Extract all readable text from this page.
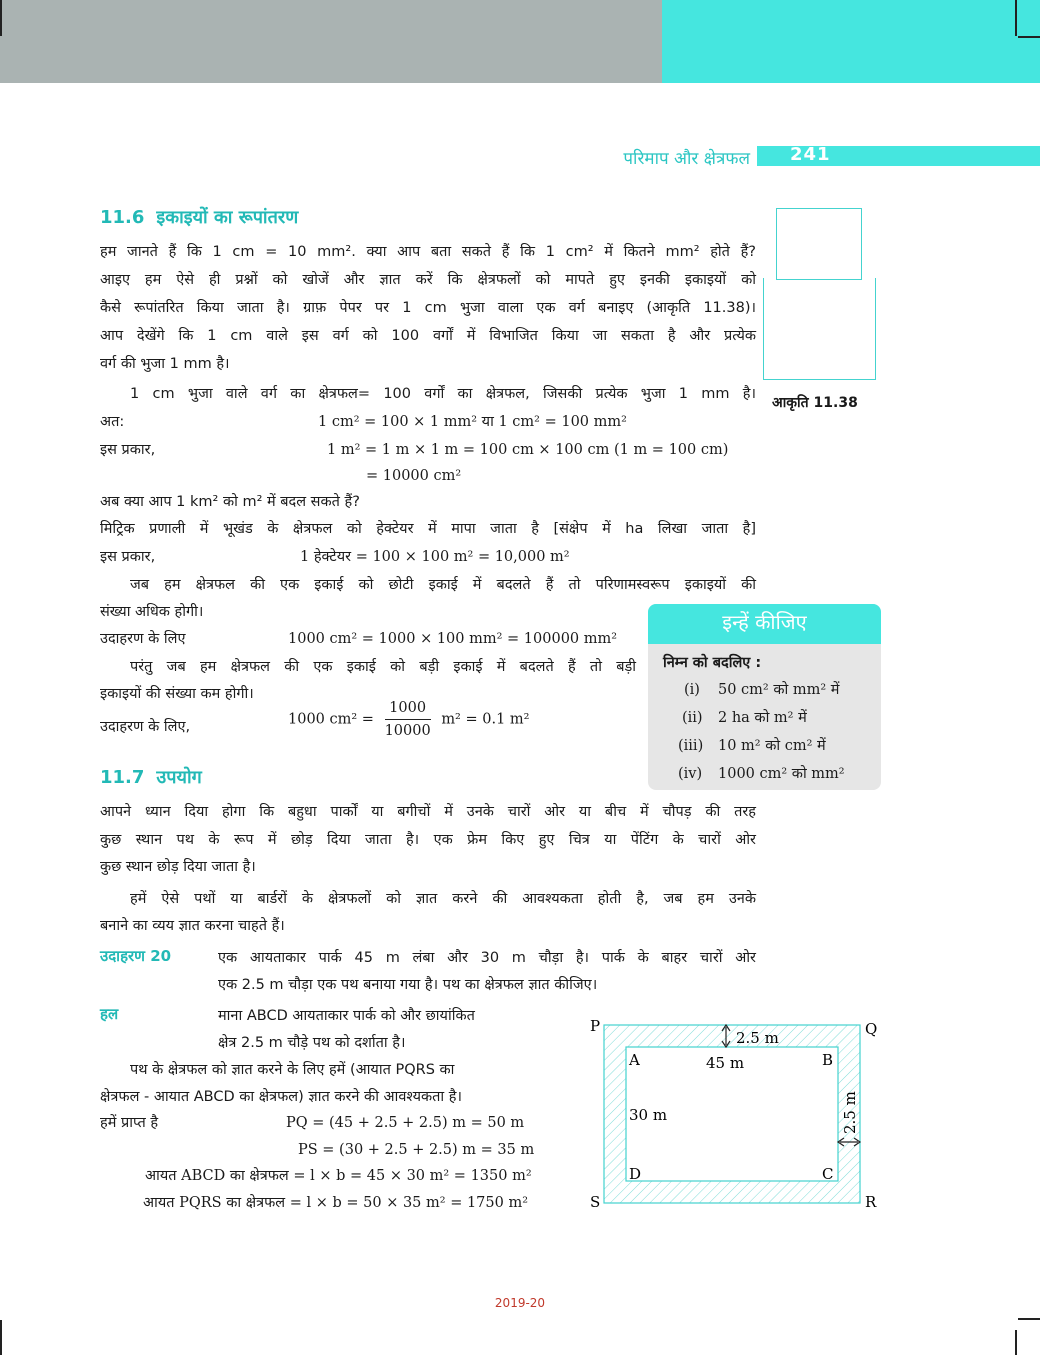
परिमाप और क्षेत्रफल 241
11.6 इकाइयों का रूपांतरण
हम जानते हैं कि 1 cm = 10 mm². क्या आप बता सकते हैं कि 1 cm² में कितने mm² होते हैं?
आइए हम ऐसे ही प्रश्नों को खोजें और ज्ञात करें कि क्षेत्रफलों को मापते हुए इनकी इकाइयों को
कैसे रूपांतरित किया जाता है। ग्राफ़ पेपर पर 1 cm भुजा वाला एक वर्ग बनाइए (आकृति 11.38)।
आप देखेंगे कि 1 cm वाले इस वर्ग को 100 वर्गों में विभाजित किया जा सकता है और प्रत्येक
वर्ग की भुजा 1 mm है।
1 cm भुजा वाले वर्ग का क्षेत्रफल= 100 वर्गों का क्षेत्रफल, जिसकी प्रत्येक भुजा 1 mm है।
अत:	1 cm² = 100 × 1 mm² या 1 cm² = 100 mm²
इस प्रकार,	1 m² = 1 m × 1 m = 100 cm × 100 cm (1 m = 100 cm)
= 10000 cm²
अब क्या आप 1 km² को m² में बदल सकते हैं?
मिट्रिक प्रणाली में भूखंड के क्षेत्रफल को हेक्टेयर में मापा जाता है [संक्षेप में ha लिखा जाता है]
इस प्रकार,	1 हेक्टेयर = 100 × 100 m² = 10,000 m²
जब हम क्षेत्रफल की एक इकाई को छोटी इकाई में बदलते हैं तो परिणामस्वरूप इकाइयों की
संख्या अधिक होगी।
उदाहरण के लिए	1000 cm² = 1000 × 100 mm² = 100000 mm²
परंतु जब हम क्षेत्रफल की एक इकाई को बड़ी इकाई में बदलते हैं तो बड़ी
इकाइयों की संख्या कम होगी।
उदाहरण के लिए,	1000 $cm^2 = \frac{1000}{10000} m^2 = 0.1$ m²
आकृति 11.38
इन्हें कीजिए
निम्न को बदलिए :
(i) 50 cm² को mm² में
(ii) 2 ha को m² में
(iii) 10 m² को cm² में
(iv) 1000 cm² को mm²
11.7 उपयोग
आपने ध्यान दिया होगा कि बहुधा पार्कों या बगीचों में उनके चारों ओर या बीच में चौपड़ की तरह
कुछ स्थान पथ के रूप में छोड़ दिया जाता है। एक फ्रेम किए हुए चित्र या पेंटिंग के चारों ओर
कुछ स्थान छोड़ दिया जाता है।
हमें ऐसे पथों या बार्डरों के क्षेत्रफलों को ज्ञात करने की आवश्यकता होती है, जब हम उनके
बनाने का व्यय ज्ञात करना चाहते हैं।
उदाहरण 20	एक आयताकार पार्क 45 m लंबा और 30 m चौड़ा है। पार्क के बाहर चारों ओर
एक 2.5 m चौड़ा एक पथ बनाया गया है। पथ का क्षेत्रफल ज्ञात कीजिए।
हल	माना ABCD आयताकार पार्क को और छायांकित
क्षेत्र 2.5 m चौड़े पथ को दर्शाता है।
पथ के क्षेत्रफल को ज्ञात करने के लिए हमें (आयात PQRS का
क्षेत्रफल - आयात ABCD का क्षेत्रफल) ज्ञात करने की आवश्यकता है।
हमें प्राप्त है	PQ = (45 + 2.5 + 2.5) m = 50 m
PS = (30 + 2.5 + 2.5) m = 35 m
आयत ABCD का क्षेत्रफल = l × b = 45 × 30 m² = 1350 m²
आयत PQRS का क्षेत्रफल = l × b = 50 × 35 m² = 1750 m²
P	Q
R
S
A	B
C
D
2.5 m
45 m
30 m	2.5 m
2019-20
